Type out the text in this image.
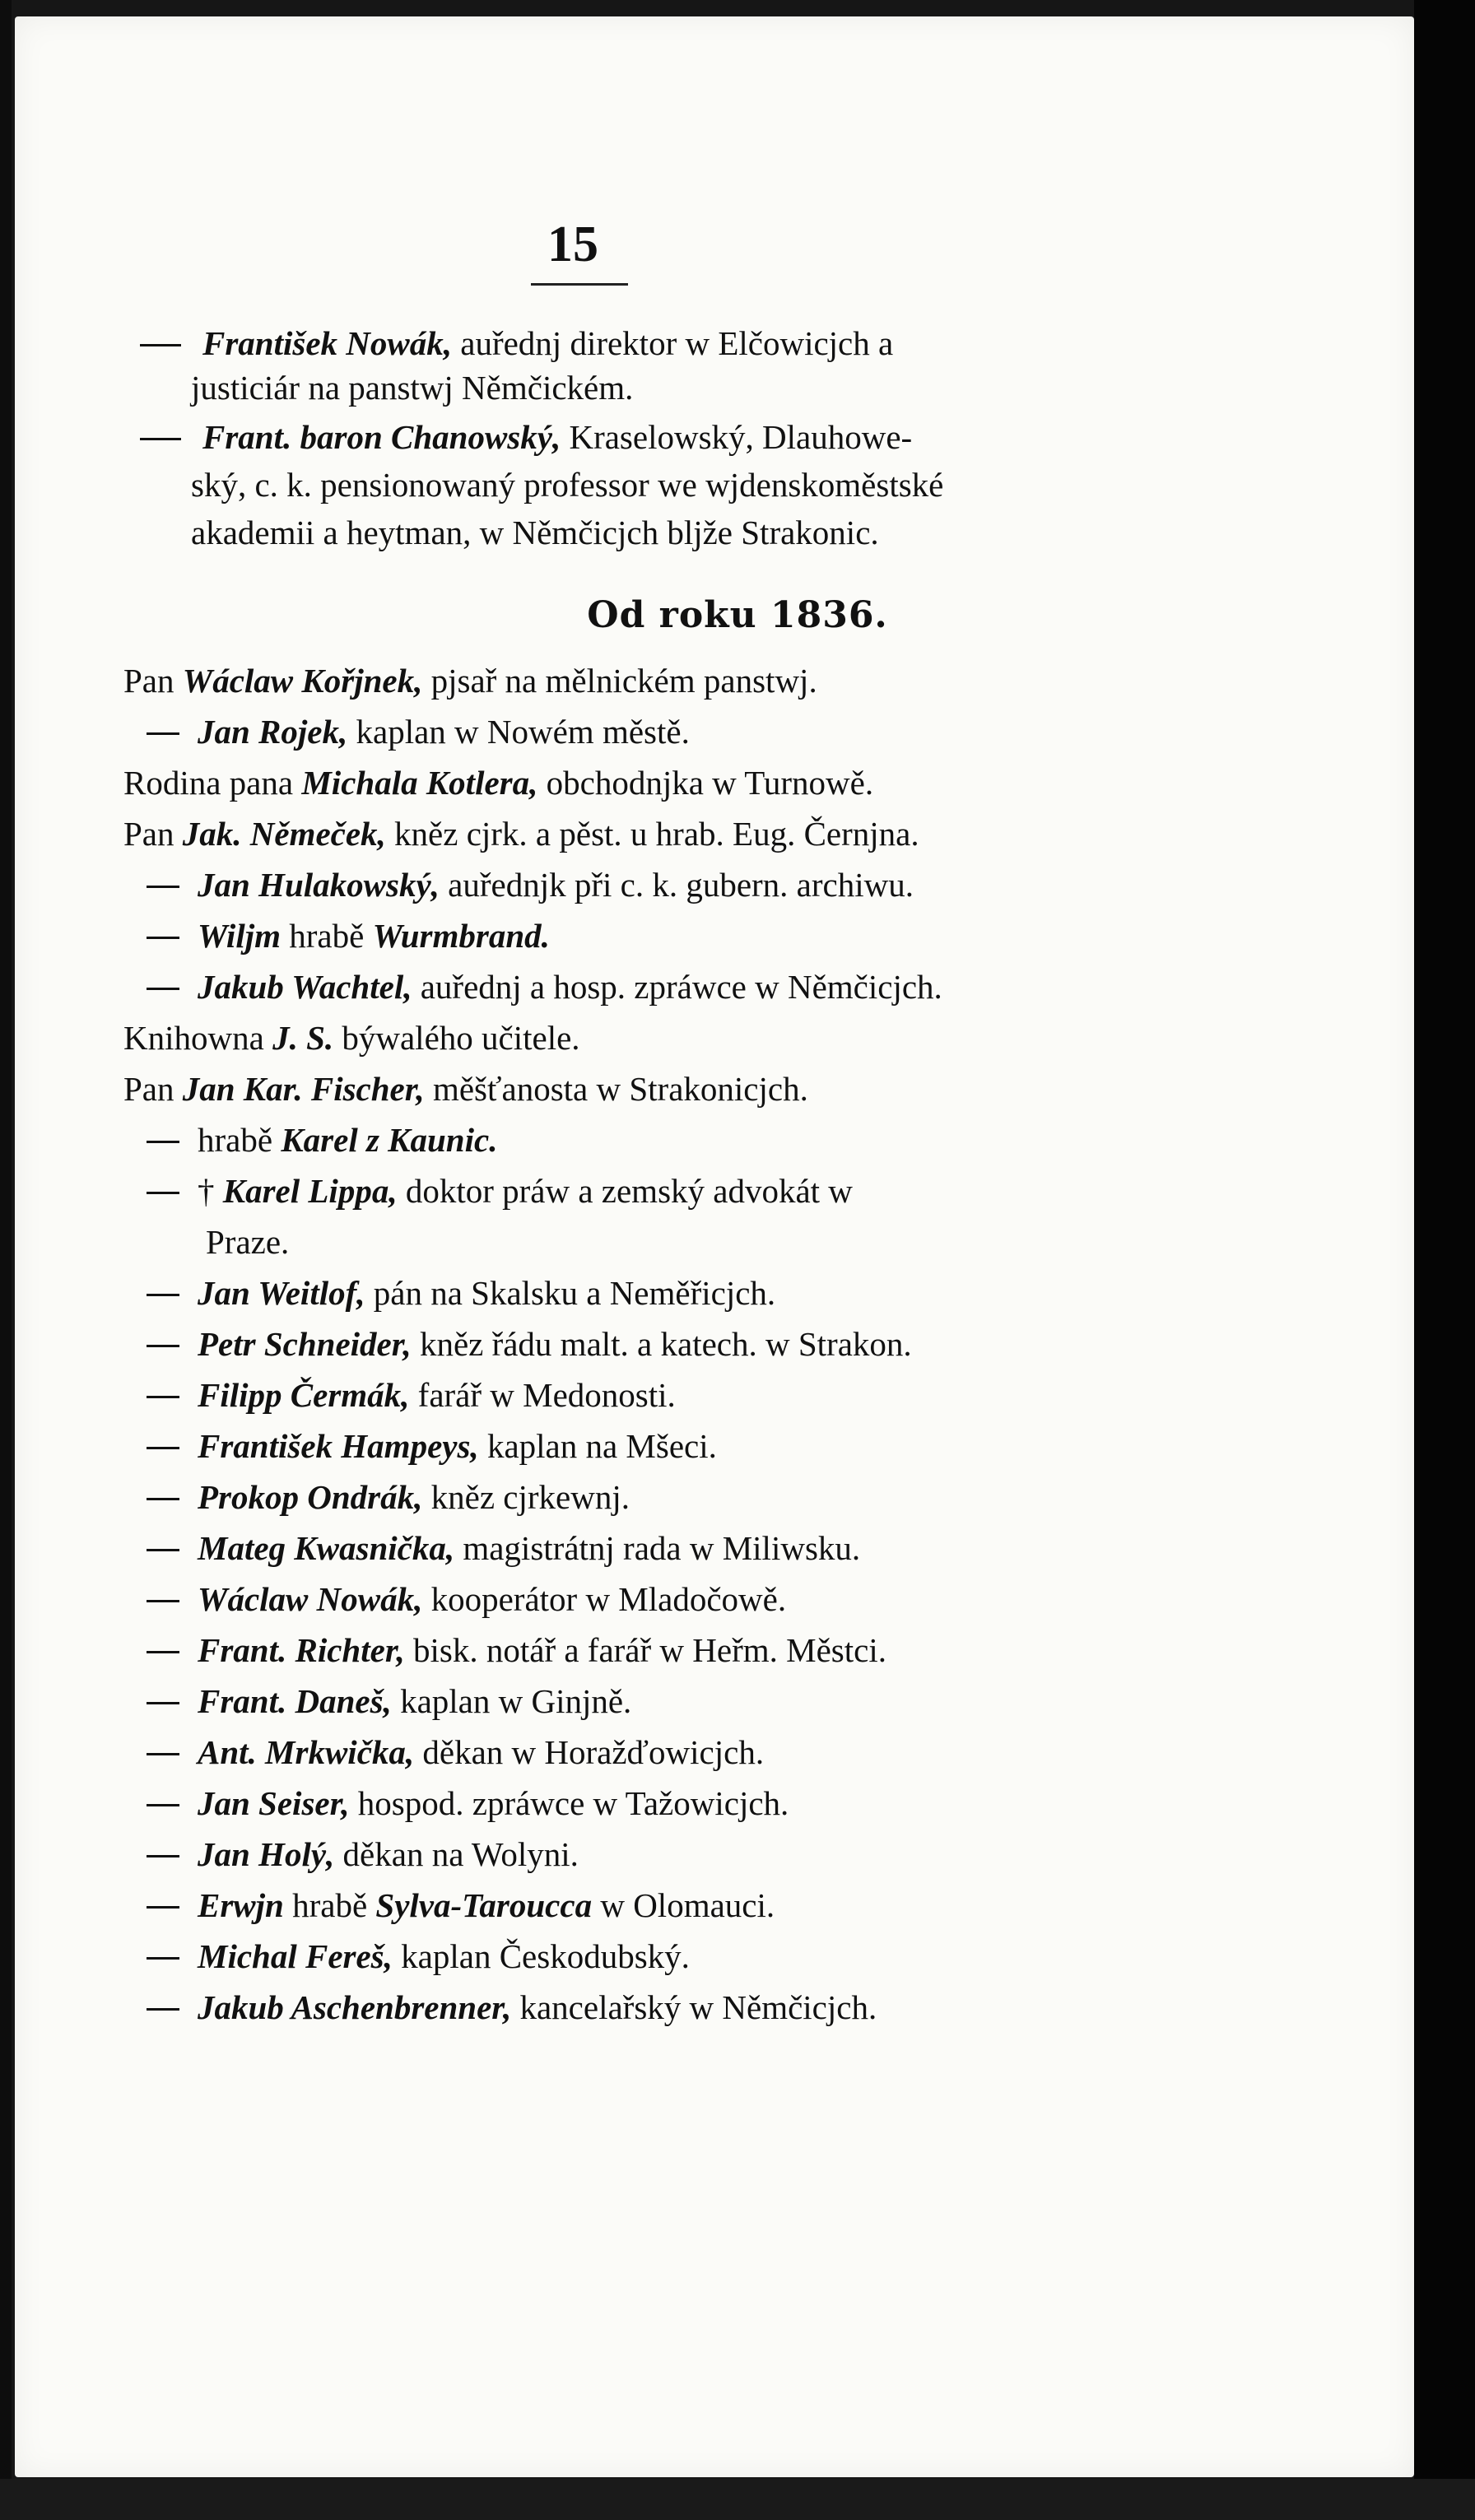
15
František Nowák, auřednj direktor w Elčowicjch a
justiciár na panstwj Němčickém.
Frant. baron Chanowský, Kraselowský, Dlauhowe-
ský, c. k. pensionowaný professor we wjdenskoměstské
akademii a heytman, w Němčicjch bljže Strakonic.
Od roku 1836.
Pan Wáclaw Kořjnek, pjsař na mělnickém panstwj.
Jan Rojek, kaplan w Nowém městě.
Rodina pana Michala Kotlera, obchodnjka w Turnowě.
Pan Jak. Němeček, kněz cjrk. a pěst. u hrab. Eug. Černjna.
Jan Hulakowský, auřednjk při c. k. gubern. archiwu.
Wiljm hrabě Wurmbrand.
Jakub Wachtel, auřednj a hosp. zpráwce w Němčicjch.
Knihowna J. S. býwalého učitele.
Pan Jan Kar. Fischer, měšťanosta w Strakonicjch.
hrabě Karel z Kaunic.
† Karel Lippa, doktor práw a zemský advokát w
Praze.
Jan Weitlof, pán na Skalsku a Neměřicjch.
Petr Schneider, kněz řádu malt. a katech. w Strakon.
Filipp Čermák, farář w Medonosti.
František Hampeys, kaplan na Mšeci.
Prokop Ondrák, kněz cjrkewnj.
Mateg Kwasnička, magistrátnj rada w Miliwsku.
Wáclaw Nowák, kooperátor w Mladočowě.
Frant. Richter, bisk. notář a farář w Heřm. Městci.
Frant. Daneš, kaplan w Ginjně.
Ant. Mrkwička, děkan w Horažďowicjch.
Jan Seiser, hospod. zpráwce w Tažowicjch.
Jan Holý, děkan na Wolyni.
Erwjn hrabě Sylva-Taroucca w Olomauci.
Michal Fereš, kaplan Českodubský.
Jakub Aschenbrenner, kancelařský w Němčicjch.
